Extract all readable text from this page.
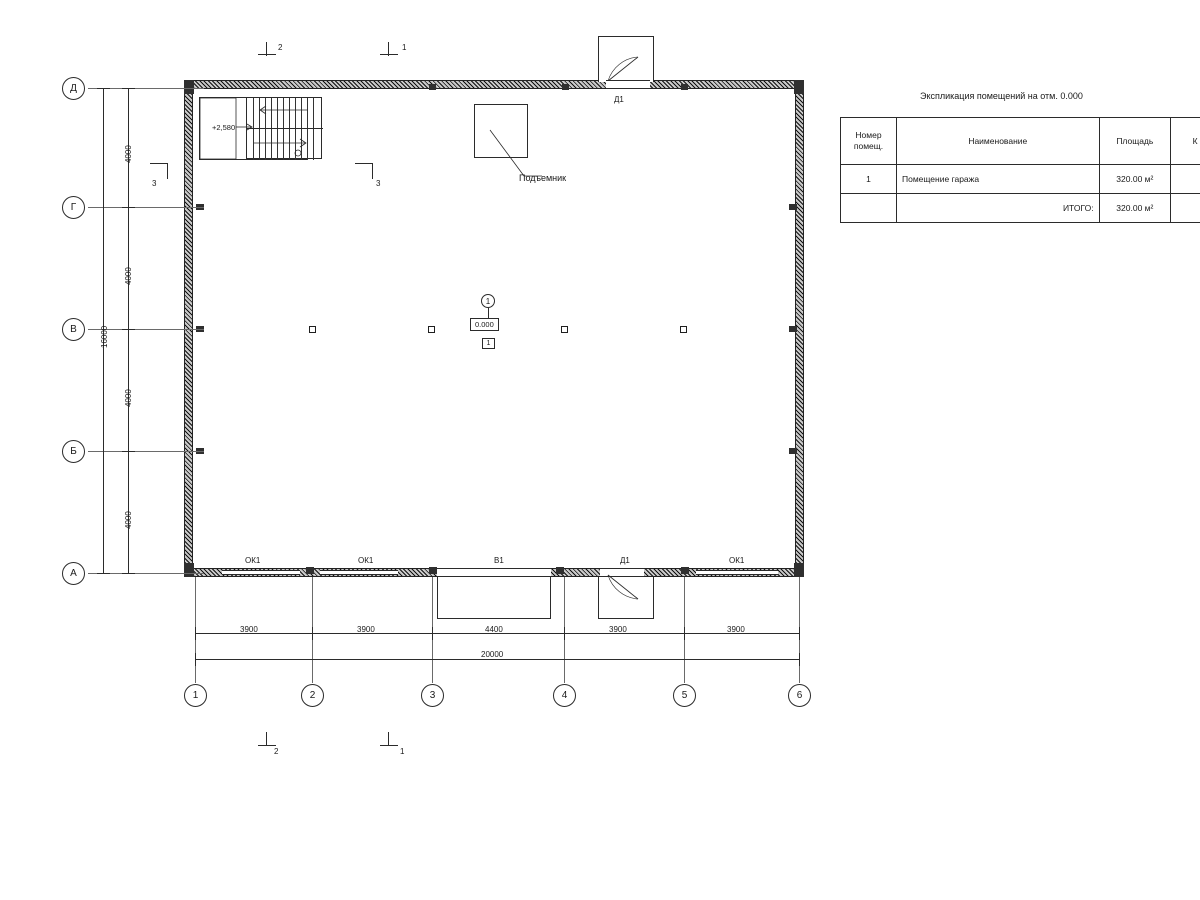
Экспликация помещений на отм. 0.000
Номер
помещ.	Наименование	Площадь	К
1	Помещение гаража	320.00 м²	
	ИТОГО:	320.00 м²	
+2,580
Подъемник
1
0.000
1
Д1
В1	Д1
ОК1	ОК1	ОК1
Д
Г
В
Б
А
1	2	3	4	5	6
4000
4000
4000
4000
16000
3900	3900	4400	3900	3900
20000
2	1
3	3
2	1
